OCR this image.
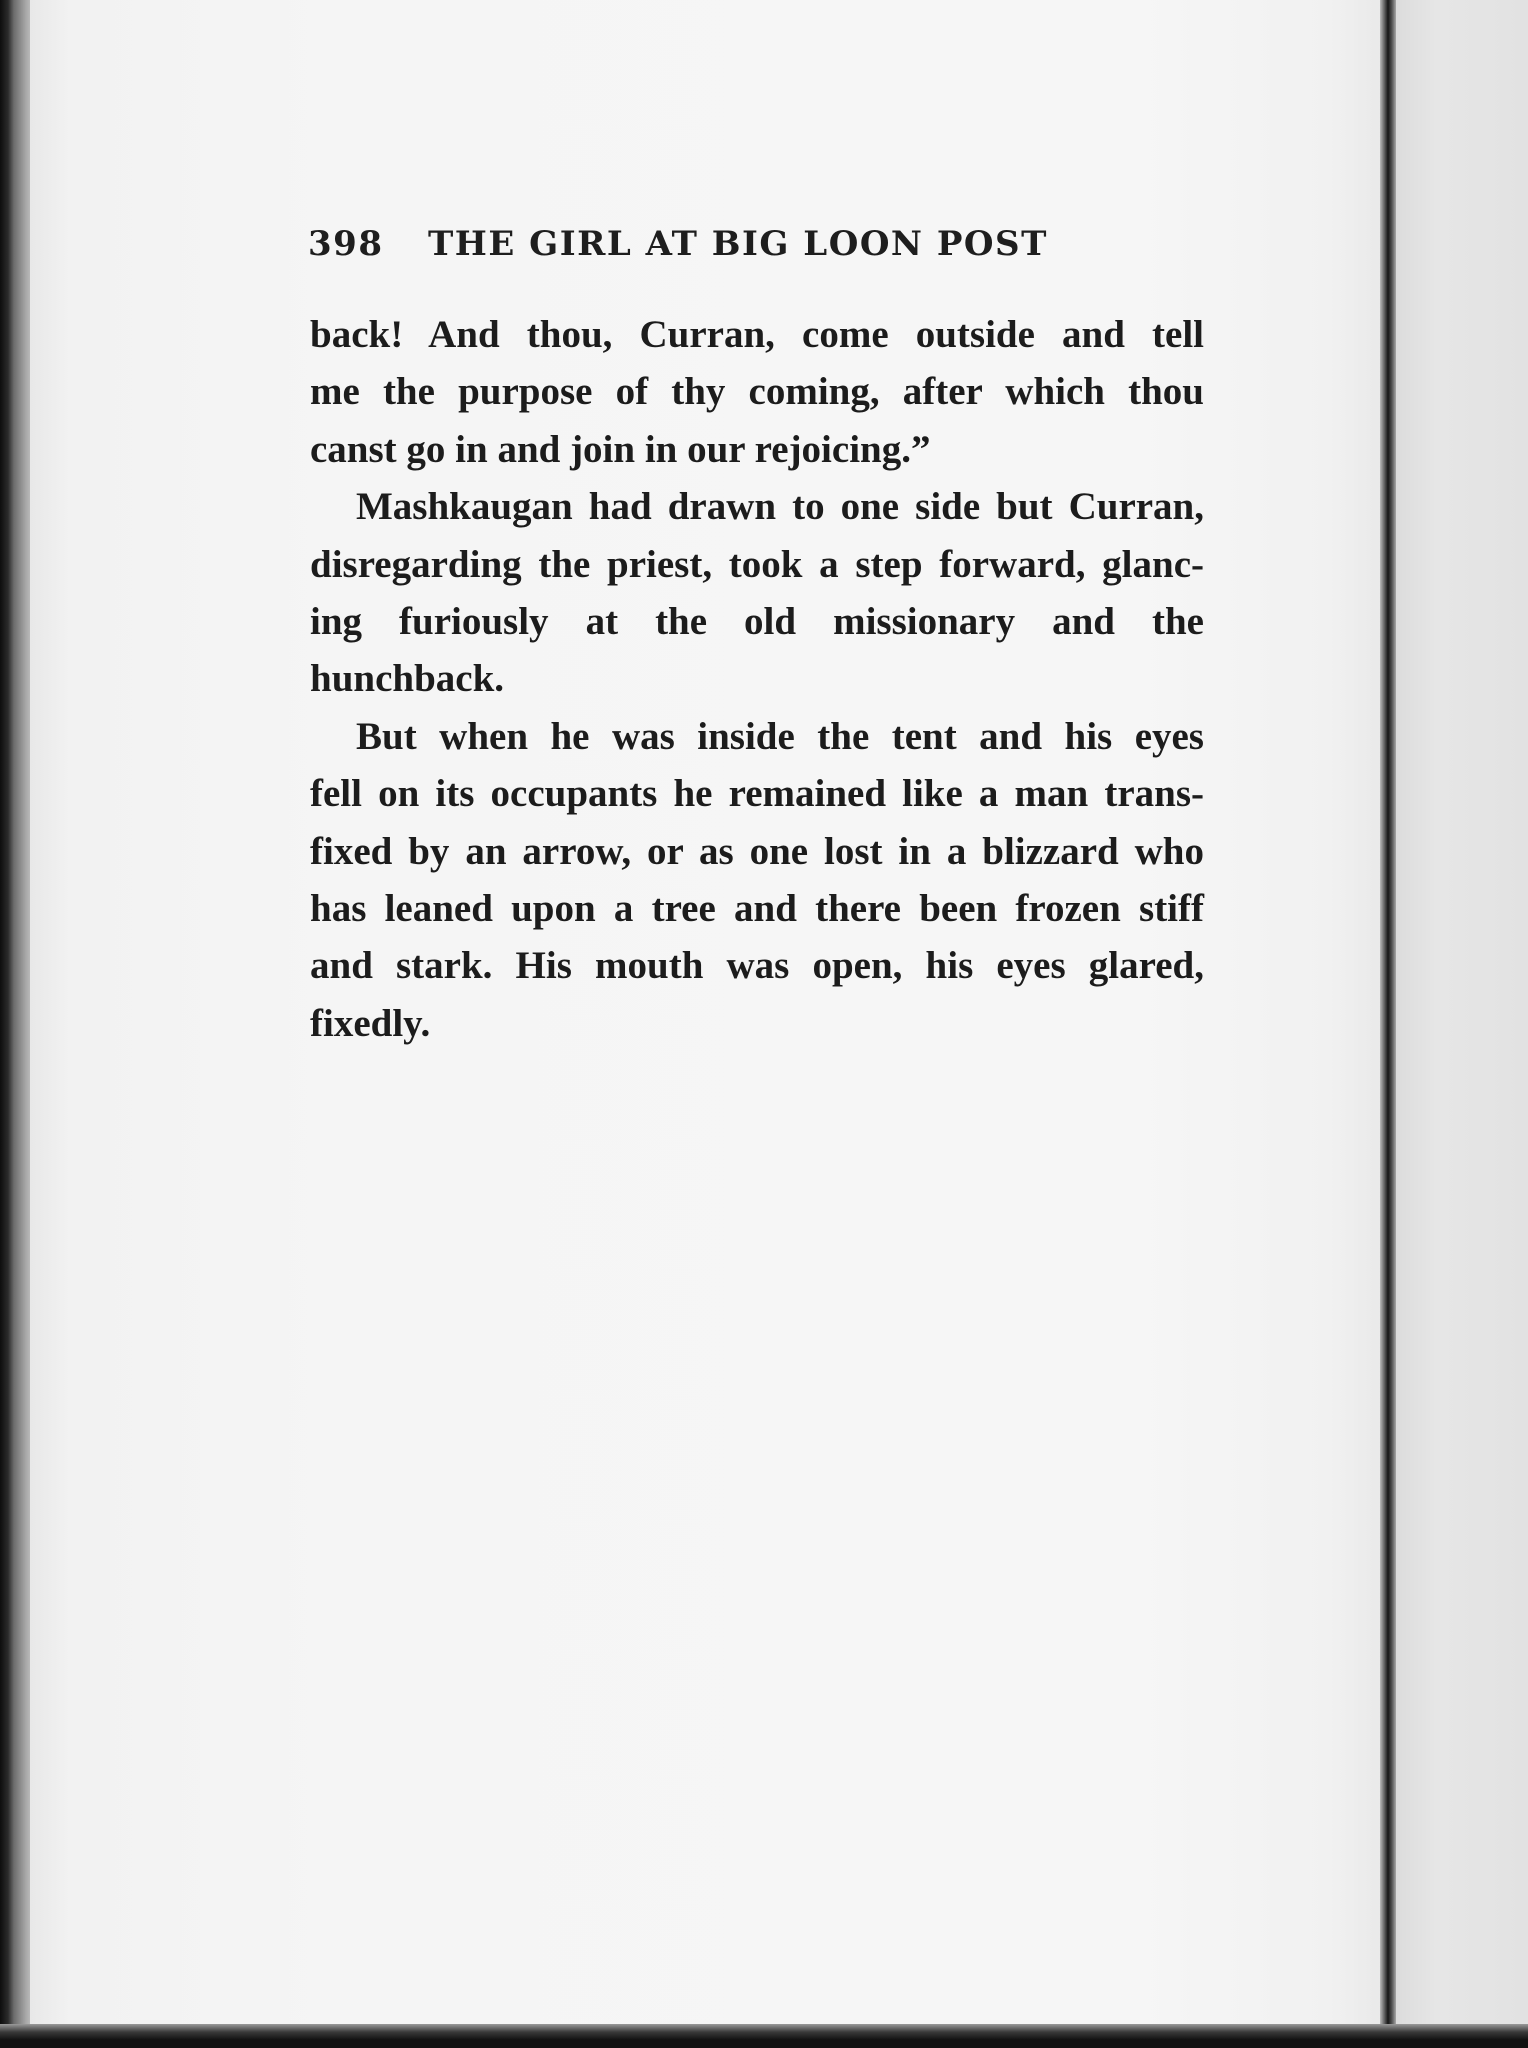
398 THE GIRL AT BIG LOON POST
back! And thou, Curran, come outside and tell
me the purpose of thy coming, after which thou
canst go in and join in our rejoicing.”
Mashkaugan had drawn to one side but Curran,
disregarding the priest, took a step forward, glanc-
ing furiously at the old missionary and the
hunchback.
But when he was inside the tent and his eyes
fell on its occupants he remained like a man trans-
fixed by an arrow, or as one lost in a blizzard who
has leaned upon a tree and there been frozen stiff
and stark. His mouth was open, his eyes glared,
fixedly.
